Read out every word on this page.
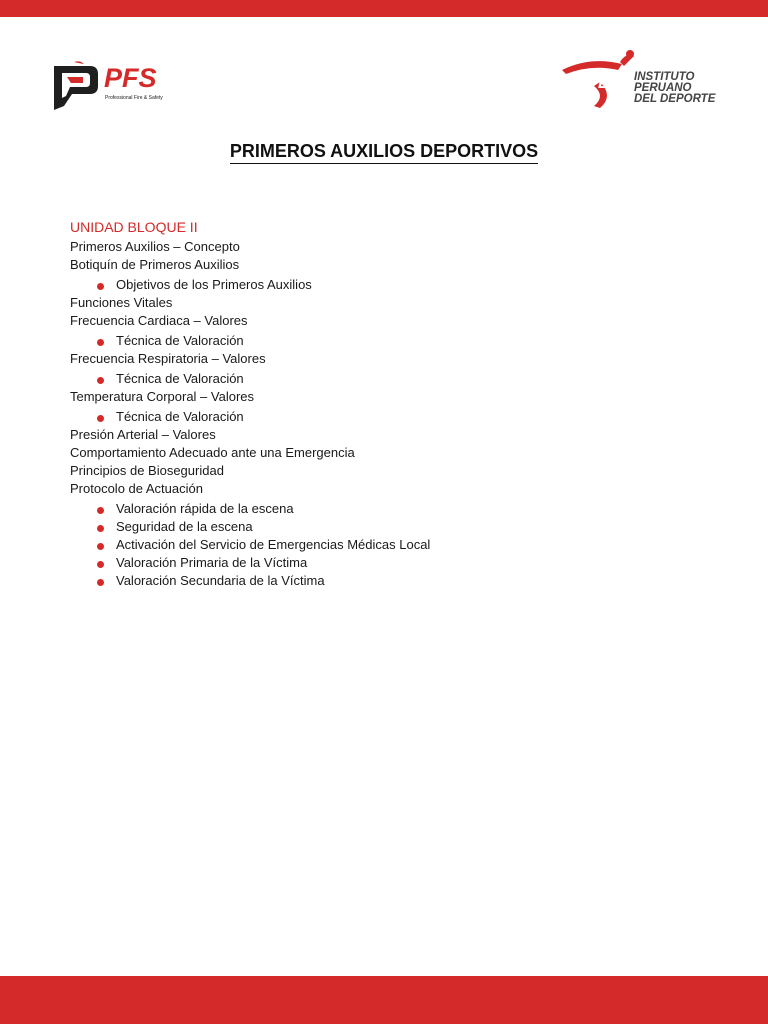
PFS
Professional Fire & Safety
IPD INSTITUTO
PERUANO
DEL DEPORTE
PRIMEROS AUXILIOS DEPORTIVOS
UNIDAD BLOQUE II
Primeros Auxilios – Concepto
Botiquín de Primeros Auxilios
Objetivos de los Primeros Auxilios
Funciones Vitales
Frecuencia Cardiaca – Valores
Técnica de Valoración
Frecuencia Respiratoria – Valores
Técnica de Valoración
Temperatura Corporal – Valores
Técnica de Valoración
Presión Arterial – Valores
Comportamiento Adecuado ante una Emergencia
Principios de Bioseguridad
Protocolo de Actuación
Valoración rápida de la escena
Seguridad de la escena
Activación del Servicio de Emergencias Médicas Local
Valoración Primaria de la Víctima
Valoración Secundaria de la Víctima
